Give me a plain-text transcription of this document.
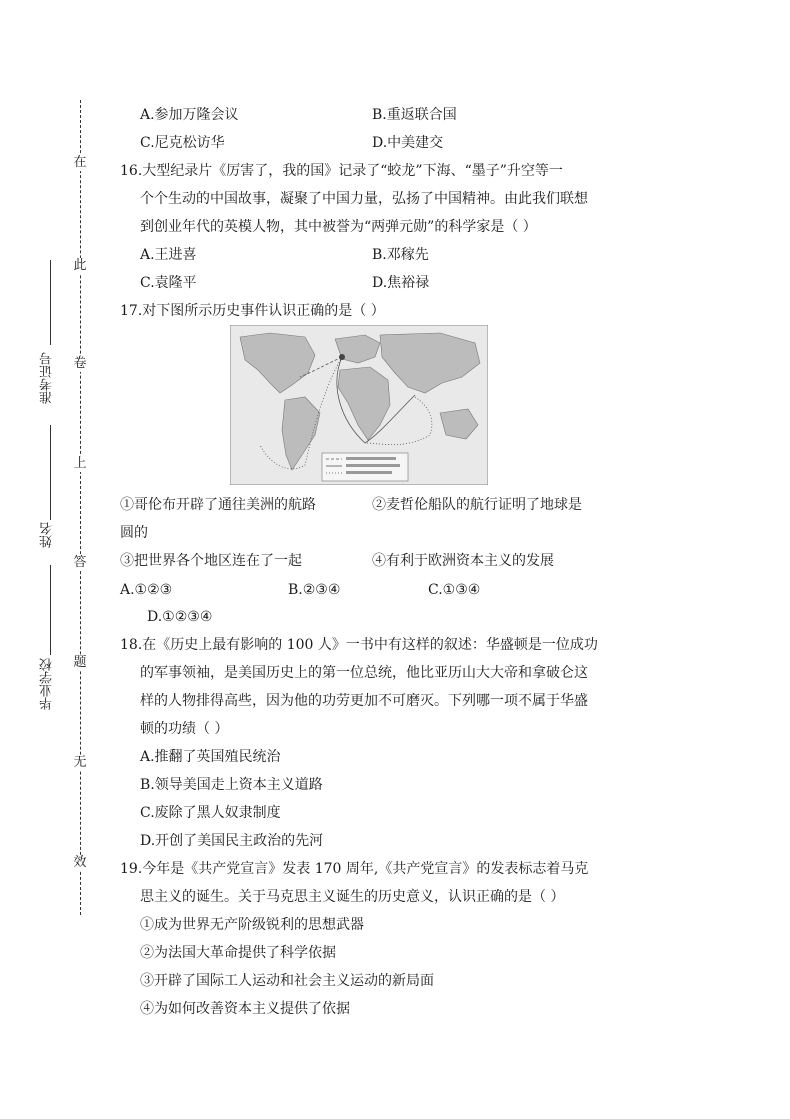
在
此
卷
上
答
题
无
效
准考证号
姓名
毕业学校
A.参加万隆会议	B.重返联合国
C.尼克松访华	D.中美建交
16.大型纪录片《厉害了，我的国》记录了“蛟龙”下海、“墨子”升空等一
个个生动的中国故事，凝聚了中国力量，弘扬了中国精神。由此我们联想
到创业年代的英模人物，其中被誉为“两弹元勋”的科学家是（ ）
A.王进喜	B.邓稼先
C.袁隆平	D.焦裕禄
17.对下图所示历史事件认识正确的是（ ）
①哥伦布开辟了通往美洲的航路	②麦哲伦船队的航行证明了地球是
圆的
③把世界各个地区连在了一起	④有利于欧洲资本主义的发展
A.①②③	B.②③④	C.①③④
D.①②③④
18.在《历史上最有影响的 100 人》一书中有这样的叙述：华盛顿是一位成功
的军事领袖，是美国历史上的第一位总统，他比亚历山大大帝和拿破仑这
样的人物排得高些，因为他的功劳更加不可磨灭。下列哪一项不属于华盛
顿的功绩（ ）
A.推翻了英国殖民统治
B.领导美国走上资本主义道路
C.废除了黑人奴隶制度
D.开创了美国民主政治的先河
19.今年是《共产党宣言》发表 170 周年,《共产党宣言》的发表标志着马克
思主义的诞生。关于马克思主义诞生的历史意义，认识正确的是（ ）
①成为世界无产阶级锐利的思想武器
②为法国大革命提供了科学依据
③开辟了国际工人运动和社会主义运动的新局面
④为如何改善资本主义提供了依据
